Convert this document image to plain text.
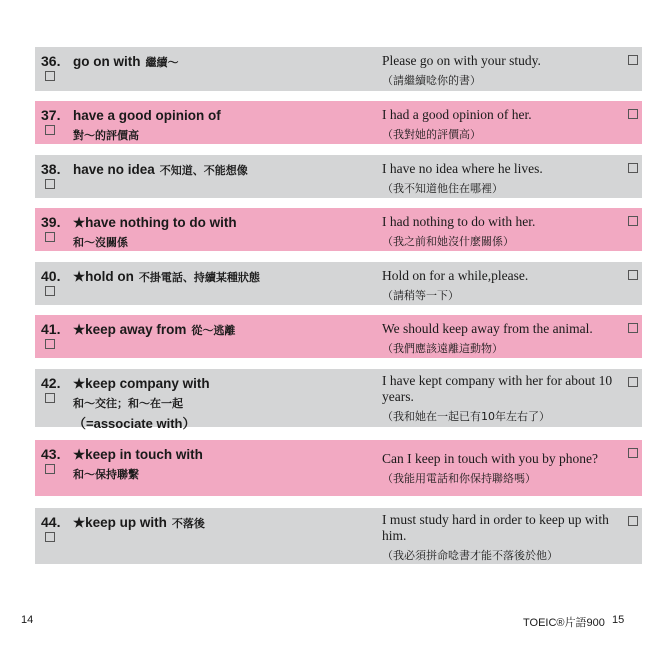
36. go on with 繼續～	Please go on with your study.
（請繼續唸你的書）
37. have a good opinion of
對～的評價高
I had a good opinion of her.
（我對她的評價高）
38. have no idea 不知道、不能想像	I have no idea where he lives.
（我不知道他住在哪裡）
39. ★have nothing to do with
和～沒關係
I had nothing to do with her.
（我之前和她沒什麼關係）
40. ★hold on 不掛電話、持續某種狀態	Hold on for a while,please.
（請稍等一下）
41. ★keep away from 從～逃離	We should keep away from the animal.
（我們應該遠離這動物）
42. ★keep company with
和～交往；和～在一起
（=associate with）
I have kept company with her for about 10 years.
（我和她在一起已有10年左右了）
43. ★keep in touch with
和～保持聯繫
Can I keep in touch with you by phone?
（我能用電話和你保持聯絡嗎）
44. ★keep up with 不落後	I must study hard in order to keep up with him.
（我必須拼命唸書才能不落後於他）
14	TOEIC®片語900 15
